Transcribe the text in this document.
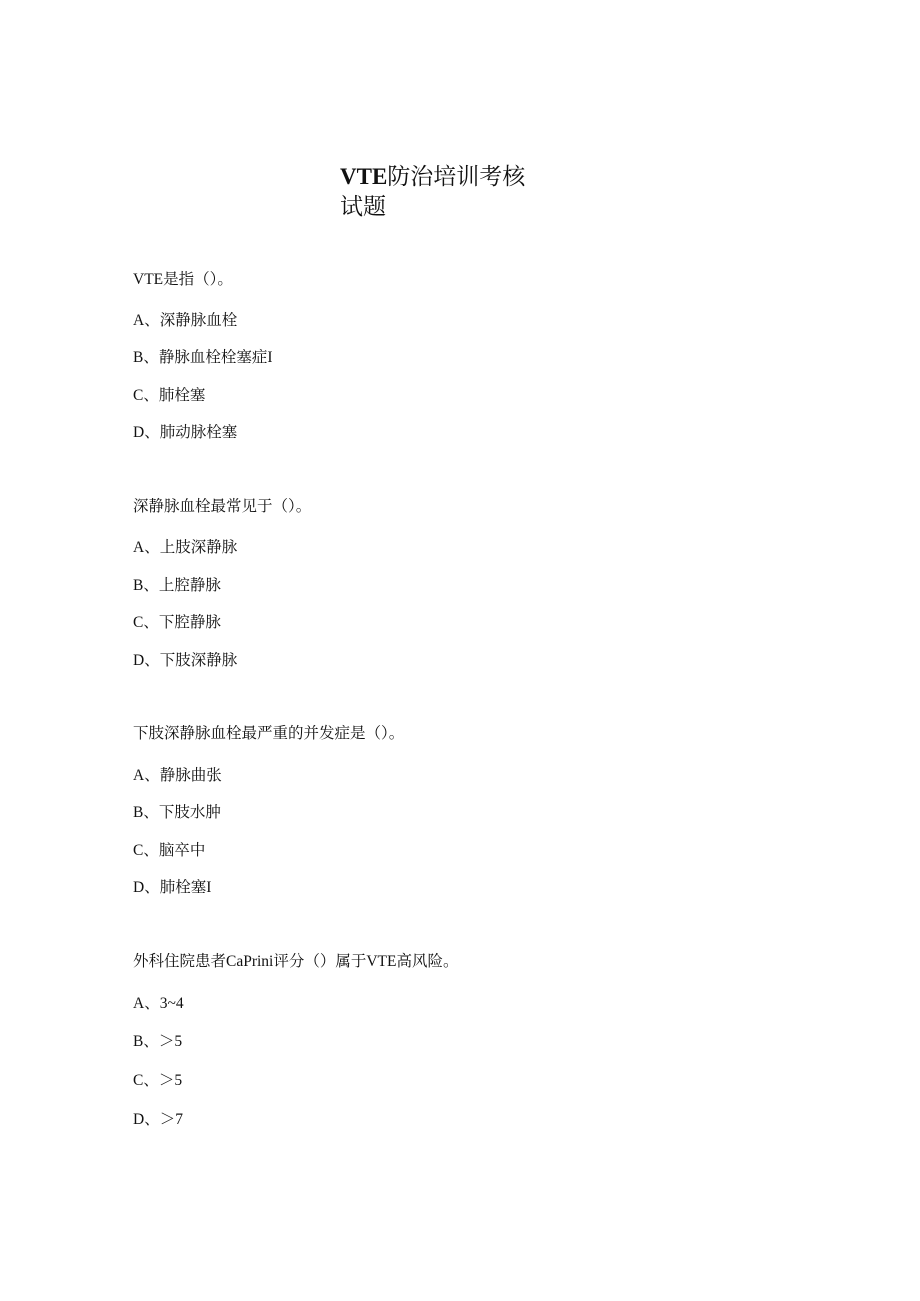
VTE防治培训考核
试题
VTE是指（）。
A、深静脉血栓
B、静脉血栓栓塞症I
C、肺栓塞
D、肺动脉栓塞
深静脉血栓最常见于（）。
A、上肢深静脉
B、上腔静脉
C、下腔静脉
D、下肢深静脉
下肢深静脉血栓最严重的并发症是（）。
A、静脉曲张
B、下肢水肿
C、脑卒中
D、肺栓塞I
外科住院患者CaPrini评分（）属于VTE高风险。
A、3~4
B、＞5
C、＞5
D、＞7
